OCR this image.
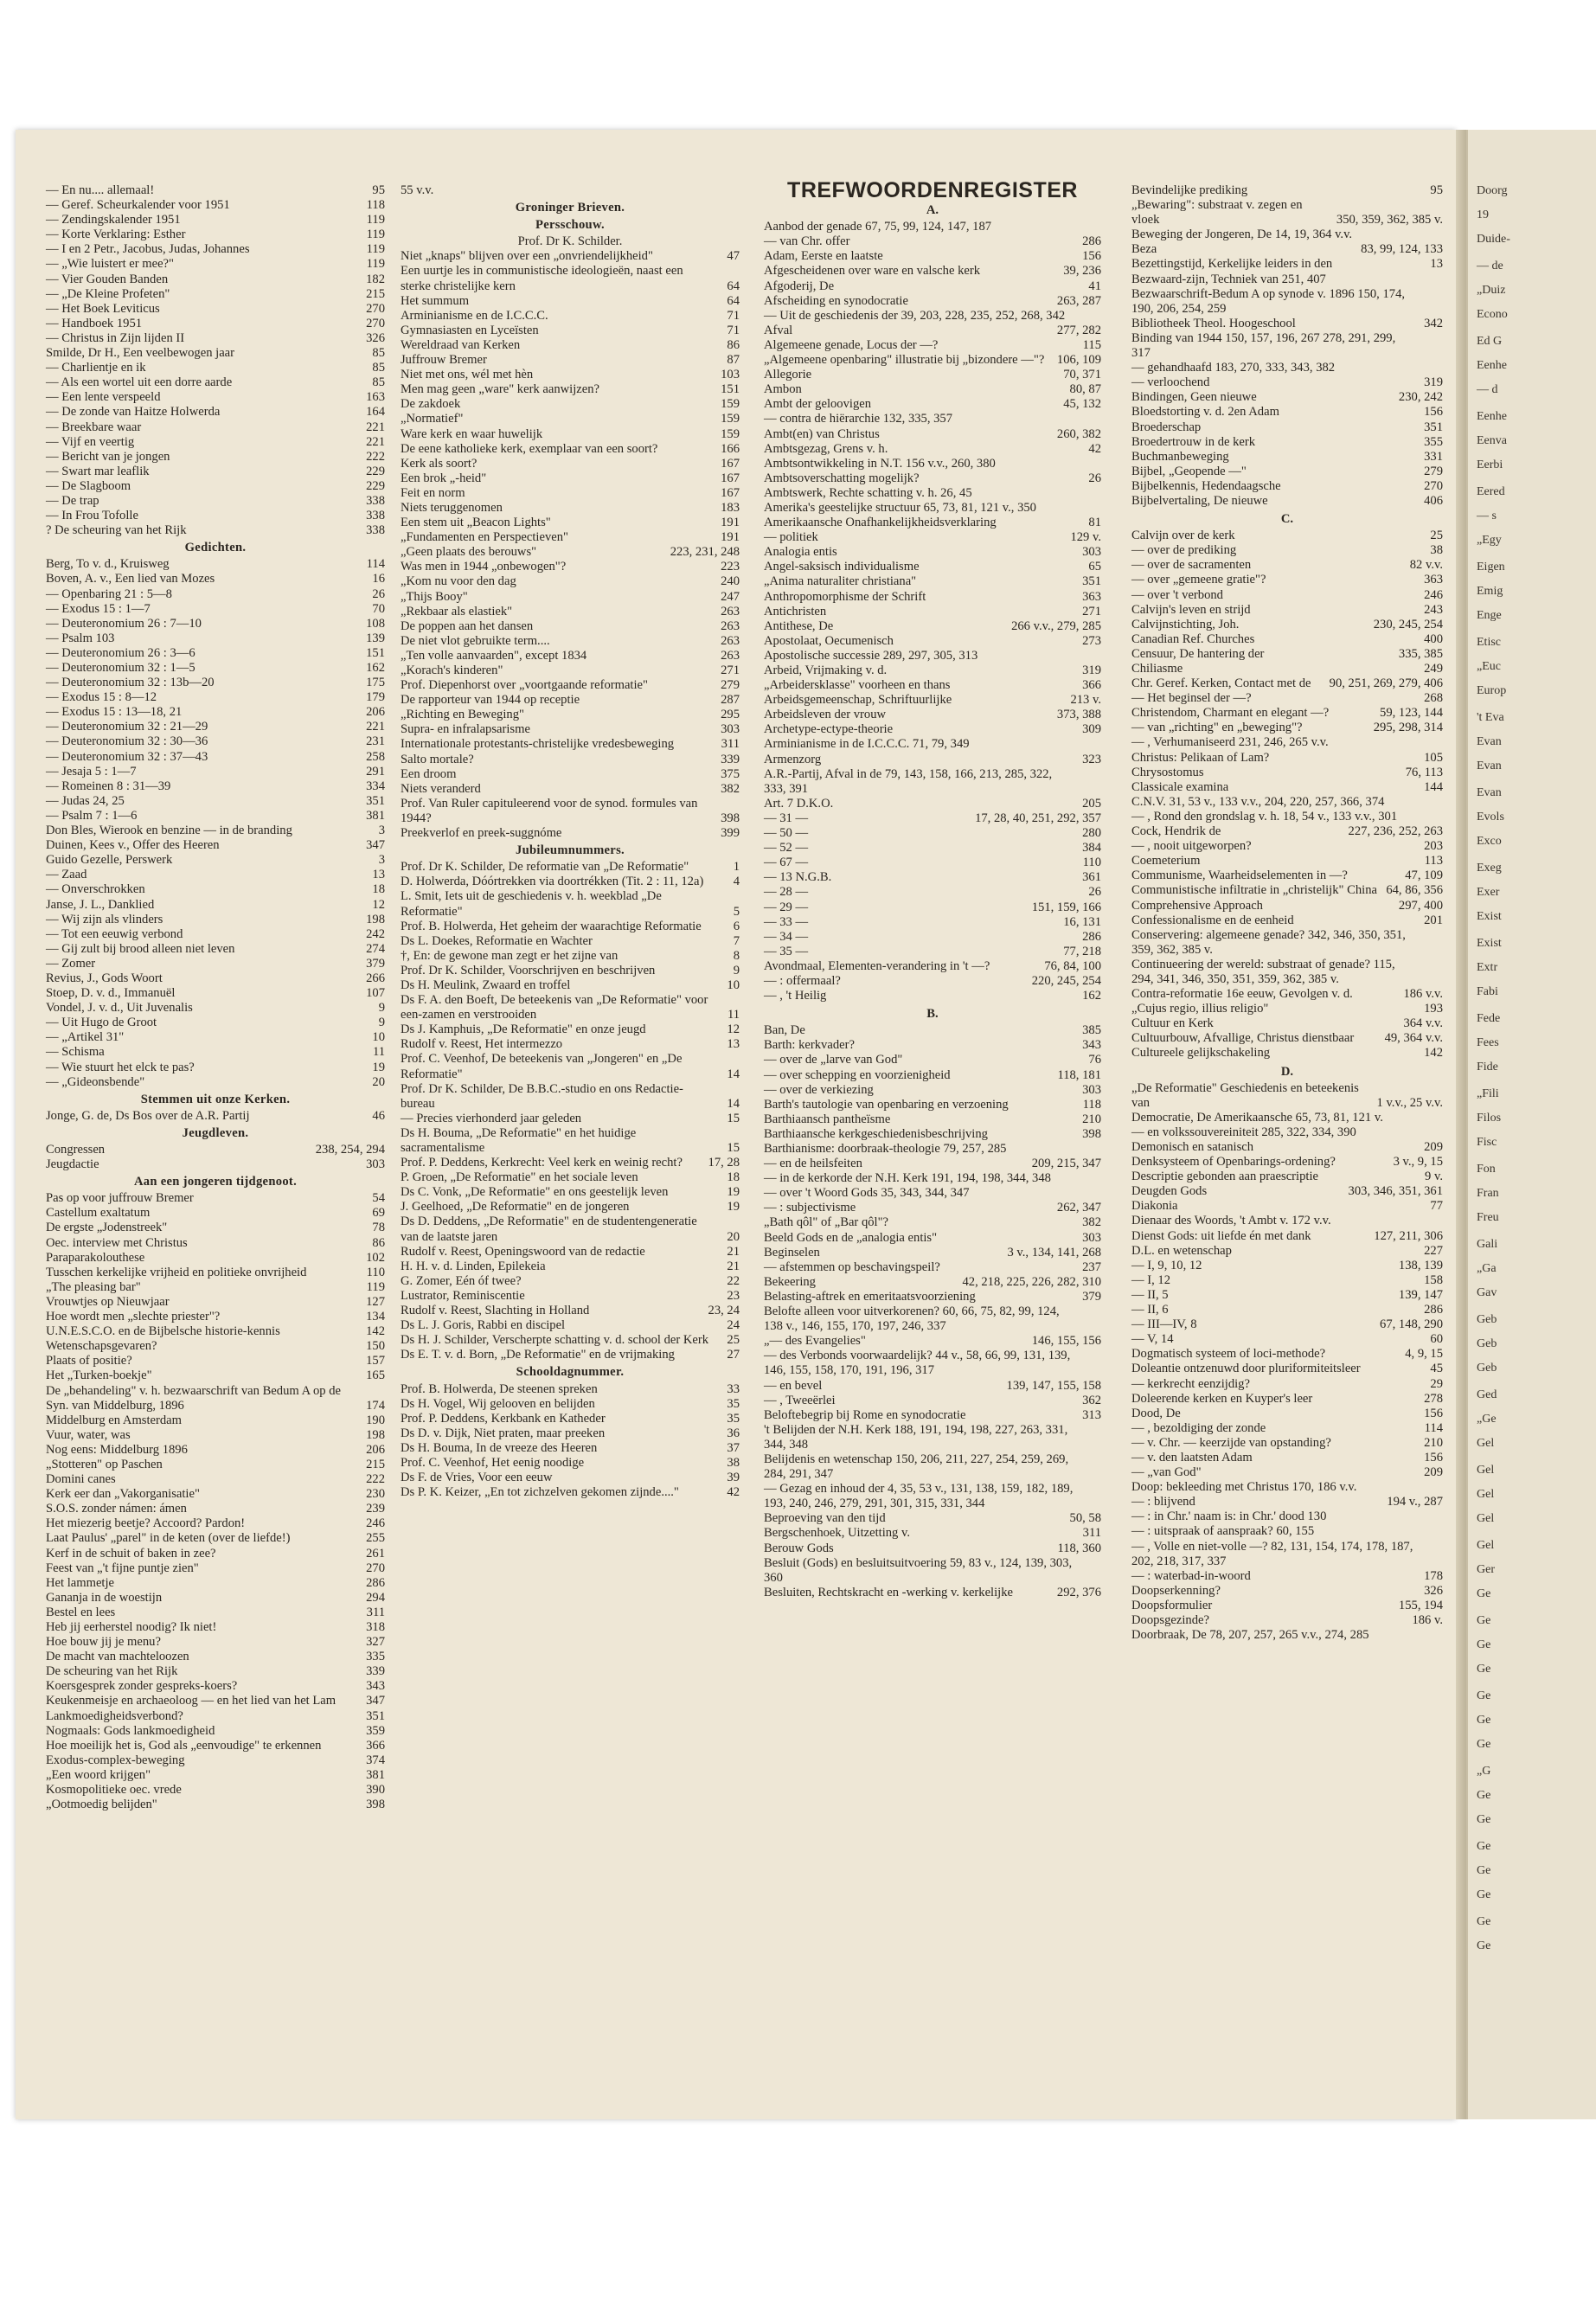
— En nu.... allemaal!	95
— Geref. Scheurkalender voor 1951	118
— Zendingskalender 1951	119
— Korte Verklaring: Esther	119
— I en 2 Petr., Jacobus, Judas, Johannes	119
— „Wie luistert er mee?"	119
— Vier Gouden Banden	182
— „De Kleine Profeten"	215
— Het Boek Leviticus	270
— Handboek 1951	270
— Christus in Zijn lijden II	326
Smilde, Dr H., Een veelbewogen jaar	85
— Charlientje en ik	85
— Als een wortel uit een dorre aarde	85
— Een lente verspeeld	163
— De zonde van Haitze Holwerda	164
— Breekbare waar	221
— Vijf en veertig	221
— Bericht van je jongen	222
— Swart mar leaflik	229
— De Slagboom	229
— De trap	338
— In Frou Tofolle	338
? De scheuring van het Rijk	338
Gedichten.
Berg, To v. d., Kruisweg	114
Boven, A. v., Een lied van Mozes	16
— Openbaring 21 : 5—8	26
— Exodus 15 : 1—7	70
— Deuteronomium 26 : 7—10	108
— Psalm 103	139
— Deuteronomium 26 : 3—6	151
— Deuteronomium 32 : 1—5	162
— Deuteronomium 32 : 13b—20	175
— Exodus 15 : 8—12	179
— Exodus 15 : 13—18, 21	206
— Deuteronomium 32 : 21—29	221
— Deuteronomium 32 : 30—36	231
— Deuteronomium 32 : 37—43	258
— Jesaja 5 : 1—7	291
— Romeinen 8 : 31—39	334
— Judas 24, 25	351
— Psalm 7 : 1—6	381
Don Bles, Wierook en benzine — in de branding	3
Duinen, Kees v., Offer des Heeren	347
Guido Gezelle, Perswerk	3
— Zaad	13
— Onverschrokken	18
Janse, J. L., Danklied	12
— Wij zijn als vlinders	198
— Tot een eeuwig verbond	242
— Gij zult bij brood alleen niet leven	274
— Zomer	379
Revius, J., Gods Woort	266
Stoep, D. v. d., Immanuël	107
Vondel, J. v. d., Uit Juvenalis	9
— Uit Hugo de Groot	9
— „Artikel 31"	10
— Schisma	11
— Wie stuurt het elck te pas?	19
— „Gideonsbende"	20
Stemmen uit onze Kerken.
Jonge, G. de, Ds Bos over de A.R. Partij	46
Jeugdleven.
Congressen	238, 254, 294
Jeugdactie	303
Aan een jongeren tijdgenoot.
Pas op voor juffrouw Bremer	54
Castellum exaltatum	69
De ergste „Jodenstreek"	78
Oec. interview met Christus	86
Paraparakolouthese	102
Tusschen kerkelijke vrijheid en politieke onvrijheid	110
„The pleasing bar"	119
Vrouwtjes op Nieuwjaar	127
Hoe wordt men „slechte priester"?	134
U.N.E.S.C.O. en de Bijbelsche historie-kennis	142
Wetenschapsgevaren?	150
Plaats of positie?	157
Het „Turken-boekje"	165
De „behandeling" v. h. bezwaarschrift van Bedum A op de Syn. van Middelburg, 1896	174
Middelburg en Amsterdam	190
Vuur, water, was	198
Nog eens: Middelburg 1896	206
„Stotteren" op Paschen	215
Domini canes	222
Kerk eer dan „Vakorganisatie"	230
S.O.S. zonder námen: ámen	239
Het miezerig beetje? Accoord? Pardon!	246
Laat Paulus' „parel" in de keten (over de liefde!)	255
Kerf in de schuit of baken in zee?	261
Feest van „'t fijne puntje zien"	270
Het lammetje	286
Gananja in de woestijn	294
Bestel en lees	311
Heb jij eerherstel noodig? Ik niet!	318
Hoe bouw jij je menu?	327
De macht van machteloozen	335
De scheuring van het Rijk	339
Koersgesprek zonder gespreks-koers?	343
Keukenmeisje en archaeoloog — en het lied van het Lam	347
Lankmoedigheidsverbond?	351
Nogmaals: Gods lankmoedigheid	359
Hoe moeilijk het is, God als „eenvoudige" te erkennen	366
Exodus-complex-beweging	374
„Een woord krijgen"	381
Kosmopolitieke oec. vrede	390
„Ootmoedig belijden"	398
55 v.v.
Groninger Brieven.
Persschouw.
Prof. Dr K. Schilder.
Niet „knaps" blijven over een „onvriendelijkheid"	47
Een uurtje les in communistische ideologieën, naast een sterke christelijke kern	64
Het summum	64
Arminianisme en de I.C.C.C.	71
Gymnasiasten en Lyceïsten	71
Wereldraad van Kerken	86
Juffrouw Bremer	87
Niet met ons, wél met hèn	103
Men mag geen „ware" kerk aanwijzen?	151
De zakdoek	159
„Normatief"	159
Ware kerk en waar huwelijk	159
De eene katholieke kerk, exemplaar van een soort?	166
Kerk als soort?	167
Een brok „-heid"	167
Feit en norm	167
Niets teruggenomen	183
Een stem uit „Beacon Lights"	191
„Fundamenten en Perspectieven"	191
„Geen plaats des berouws"	223, 231, 248
Was men in 1944 „onbewogen"?	223
„Kom nu voor den dag	240
„Thijs Booy"	247
„Rekbaar als elastiek"	263
De poppen aan het dansen	263
De niet vlot gebruikte term....	263
„Ten volle aanvaarden", except 1834	263
„Korach's kinderen"	271
Prof. Diepenhorst over „voortgaande reformatie"	279
De rapporteur van 1944 op receptie	287
„Richting en Beweging"	295
Supra- en infralapsarisme	303
Internationale protestants-christelijke vredesbeweging	311
Salto mortale?	339
Een droom	375
Niets veranderd	382
Prof. Van Ruler capituleerend voor de synod. formules van 1944?	398
Preekverlof en preek-suggnóme	399
Jubileumnummers.
Prof. Dr K. Schilder, De reformatie van „De Reformatie"	1
D. Holwerda, Dóórtrekken via doortrékken (Tit. 2 : 11, 12a)	4
L. Smit, Iets uit de geschiedenis v. h. weekblad „De Reformatie"	5
Prof. B. Holwerda, Het geheim der waarachtige Reformatie	6
Ds L. Doekes, Reformatie en Wachter	7
†, En: de gewone man zegt er het zijne van	8
Prof. Dr K. Schilder, Voorschrijven en beschrijven	9
Ds H. Meulink, Zwaard en troffel	10
Ds F. A. den Boeft, De beteekenis van „De Reformatie" voor een-zamen en verstrooiden	11
Ds J. Kamphuis, „De Reformatie" en onze jeugd	12
Rudolf v. Reest, Het intermezzo	13
Prof. C. Veenhof, De beteekenis van „Jongeren" en „De Reformatie"	14
Prof. Dr K. Schilder, De B.B.C.-studio en ons Redactie-bureau	14
— Precies vierhonderd jaar geleden	15
Ds H. Bouma, „De Reformatie" en het huidige sacramentalisme	15
Prof. P. Deddens, Kerkrecht: Veel kerk en weinig recht?	17, 28
P. Groen, „De Reformatie" en het sociale leven	18
Ds C. Vonk, „De Reformatie" en ons geestelijk leven	19
J. Geelhoed, „De Reformatie" en de jongeren	19
Ds D. Deddens, „De Reformatie" en de studentengeneratie van de laatste jaren	20
Rudolf v. Reest, Openingswoord van de redactie	21
H. H. v. d. Linden, Epilekeia	21
G. Zomer, Eén óf twee?	22
Lustrator, Reminiscentie	23
Rudolf v. Reest, Slachting in Holland	23, 24
Ds L. J. Goris, Rabbi en discipel	24
Ds H. J. Schilder, Verscherpte schatting v. d. school der Kerk	25
Ds E. T. v. d. Born, „De Reformatie" en de vrijmaking	27
Schooldagnummer.
Prof. B. Holwerda, De steenen spreken	33
Ds H. Vogel, Wij gelooven en belijden	35
Prof. P. Deddens, Kerkbank en Katheder	35
Ds D. v. Dijk, Niet praten, maar preeken	36
Ds H. Bouma, In de vreeze des Heeren	37
Prof. C. Veenhof, Het eenig noodige	38
Ds F. de Vries, Voor een eeuw	39
Ds P. K. Keizer, „En tot zichzelven gekomen zijnde...."	42
TREFWOORDENREGISTER
A.
Aanbod der genade 67, 75, 99, 124, 147, 187
— van Chr. offer	286
Adam, Eerste en laatste	156
Afgescheidenen over ware en valsche kerk	39, 236
Afgoderij, De	41
Afscheiding en synodocratie	263, 287
— Uit de geschiedenis der 39, 203, 228, 235, 252, 268, 342
Afval	277, 282
Algemeene genade, Locus der —?	115
„Algemeene openbaring" illustratie bij „bizondere —"? 106, 109
Allegorie	70, 371
Ambon	80, 87
Ambt der geloovigen	45, 132
— contra de hiërarchie 132, 335, 357
Ambt(en) van Christus	260, 382
Ambtsgezag, Grens v. h.	42
Ambtsontwikkeling in N.T. 156 v.v., 260, 380
Ambtsoverschatting mogelijk?	26
Ambtswerk, Rechte schatting v. h. 26, 45
Amerika's geestelijke structuur 65, 73, 81, 121 v., 350
Amerikaansche Onafhankelijkheidsverklaring	81
— politiek	129 v.
Analogia entis	303
Angel-saksisch individualisme	65
„Anima naturaliter christiana"	351
Anthropomorphisme der Schrift	363
Antichristen	271
Antithese, De	266 v.v., 279, 285
Apostolaat, Oecumenisch	273
Apostolische successie 289, 297, 305, 313
Arbeid, Vrijmaking v. d.	319
„Arbeidersklasse" voorheen en thans	366
Arbeidsgemeenschap, Schriftuurlijke	213 v.
Arbeidsleven der vrouw	373, 388
Archetype-ectype-theorie	309
Arminianisme in de I.C.C.C. 71, 79, 349
Armenzorg	323
A.R.-Partij, Afval in de 79, 143, 158, 166, 213, 285, 322, 333, 391
Art. 7 D.K.O.	205
— 31 —	17, 28, 40, 251, 292, 357
— 50 —	280
— 52 —	384
— 67 —	110
— 13 N.G.B.	361
— 28 —	26
— 29 —	151, 159, 166
— 33 —	16, 131
— 34 —	286
— 35 —	77, 218
Avondmaal, Elementen-verandering in 't —?	76, 84, 100
— : offermaal?	220, 245, 254
— , 't Heilig	162
B.
Ban, De	385
Barth: kerkvader?	343
— over de „larve van God"	76
— over schepping en voorzienigheid	118, 181
— over de verkiezing	303
Barth's tautologie van openbaring en verzoening	118
Barthiaansch pantheïsme	210
Barthiaansche kerkgeschiedenisbeschrijving	398
Barthianisme: doorbraak-theologie 79, 257, 285
— en de heilsfeiten	209, 215, 347
— in de kerkorde der N.H. Kerk 191, 194, 198, 344, 348
— over 't Woord Gods 35, 343, 344, 347
— : subjectivisme	262, 347
„Bath qôl" of „Bar qôl"?	382
Beeld Gods en de „analogia entis"	303
Beginselen	3 v., 134, 141, 268
— afstemmen op beschavingspeil?	237
Bekeering	42, 218, 225, 226, 282, 310
Belasting-aftrek en emeritaatsvoorziening	379
Belofte alleen voor uitverkorenen? 60, 66, 75, 82, 99, 124, 138 v., 146, 155, 170, 197, 246, 337
„— des Evangelies"	146, 155, 156
— des Verbonds voorwaardelijk? 44 v., 58, 66, 99, 131, 139, 146, 155, 158, 170, 191, 196, 317
— en bevel	139, 147, 155, 158
— , Tweeërlei	362
Beloftebegrip bij Rome en synodocratie	313
't Belijden der N.H. Kerk 188, 191, 194, 198, 227, 263, 331, 344, 348
Belijdenis en wetenschap 150, 206, 211, 227, 254, 259, 269, 284, 291, 347
— Gezag en inhoud der 4, 35, 53 v., 131, 138, 159, 182, 189, 193, 240, 246, 279, 291, 301, 315, 331, 344
Beproeving van den tijd	50, 58
Bergschenhoek, Uitzetting v.	311
Berouw Gods	118, 360
Besluit (Gods) en besluitsuitvoering 59, 83 v., 124, 139, 303, 360
Besluiten, Rechtskracht en -werking v. kerkelijke	292, 376
Bevindelijke prediking	95
„Bewaring": substraat v. zegen en vloek	350, 359, 362, 385 v.
Beweging der Jongeren, De 14, 19, 364 v.v.
Beza	83, 99, 124, 133
Bezettingstijd, Kerkelijke leiders in den	13
Bezwaard-zijn, Techniek van 251, 407
Bezwaarschrift-Bedum A op synode v. 1896 150, 174, 190, 206, 254, 259
Bibliotheek Theol. Hoogeschool	342
Binding van 1944 150, 157, 196, 267 278, 291, 299, 317
— gehandhaafd 183, 270, 333, 343, 382
— verloochend	319
Bindingen, Geen nieuwe	230, 242
Bloedstorting v. d. 2en Adam	156
Broederschap	351
Broedertrouw in de kerk	355
Buchmanbeweging	331
Bijbel, „Geopende —"	279
Bijbelkennis, Hedendaagsche	270
Bijbelvertaling, De nieuwe	406
C.
Calvijn over de kerk	25
— over de prediking	38
— over de sacramenten	82 v.v.
— over „gemeene gratie"?	363
— over 't verbond	246
Calvijn's leven en strijd	243
Calvijnstichting, Joh.	230, 245, 254
Canadian Ref. Churches	400
Censuur, De hantering der	335, 385
Chiliasme	249
Chr. Geref. Kerken, Contact met de	90, 251, 269, 279, 406
— Het beginsel der —?	268
Christendom, Charmant en elegant —?	59, 123, 144
— van „richting" en „beweging"?	295, 298, 314
— , Verhumaniseerd 231, 246, 265 v.v.
Christus: Pelikaan of Lam?	105
Chrysostomus	76, 113
Classicale examina	144
C.N.V. 31, 53 v., 133 v.v., 204, 220, 257, 366, 374
— , Rond den grondslag v. h. 18, 54 v., 133 v.v., 301
Cock, Hendrik de	227, 236, 252, 263
— , nooit uitgeworpen?	203
Coemeterium	113
Communisme, Waarheidselementen in —?	47, 109
Communistische infiltratie in „christelijk" China 64, 86, 356
Comprehensive Approach	297, 400
Confessionalisme en de eenheid	201
Conservering: algemeene genade? 342, 346, 350, 351, 359, 362, 385 v.
Continueering der wereld: substraat of genade? 115, 294, 341, 346, 350, 351, 359, 362, 385 v.
Contra-reformatie 16e eeuw, Gevolgen v. d.	186 v.v.
„Cujus regio, illius religio"	193
Cultuur en Kerk	364 v.v.
Cultuurbouw, Afvallige, Christus dienstbaar	49, 364 v.v.
Cultureele gelijkschakeling	142
D.
„De Reformatie" Geschiedenis en beteekenis van	1 v.v., 25 v.v.
Democratie, De Amerikaansche 65, 73, 81, 121 v.
— en volkssouvereiniteit 285, 322, 334, 390
Demonisch en satanisch	209
Denksysteem of Openbarings-ordening?	3 v., 9, 15
Descriptie gebonden aan praescriptie	9 v.
Deugden Gods	303, 346, 351, 361
Diakonia	77
Dienaar des Woords, 't Ambt v. 172 v.v.
Dienst Gods: uit liefde én met dank	127, 211, 306
D.L. en wetenschap	227
— I, 9, 10, 12	138, 139
— I, 12	158
— II, 5	139, 147
— II, 6	286
— III—IV, 8	67, 148, 290
— V, 14	60
Dogmatisch systeem of loci-methode?	4, 9, 15
Doleantie ontzenuwd door pluriformiteitsleer	45
— kerkrecht eenzijdig?	29
Doleerende kerken en Kuyper's leer	278
Dood, De	156
— , bezoldiging der zonde	114
— v. Chr. — keerzijde van opstanding?	210
— v. den laatsten Adam	156
— „van God"	209
Doop: bekleeding met Christus 170, 186 v.v.
— : blijvend	194 v., 287
— : in Chr.' naam is: in Chr.' dood 130
— : uitspraak of aanspraak? 60, 155
— , Volle en niet-volle —? 82, 131, 154, 174, 178, 187, 202, 218, 317, 337
— : waterbad-in-woord	178
Doopserkenning?	326
Doopsformulier	155, 194
Doopsgezinde?	186 v.
Doorbraak, De 78, 207, 257, 265 v.v., 274, 285
Doorg
19
Duide-
— de
„Duiz
Econo
Ed G
Eenhe
— d
Eenhe
Eenva
Eerbi
Eered
— s
„Egy
Eigen
Emig
Enge
Etisc
„Euc
Europ
't Eva
Evan
Evan
Evan
Evols
Exco
Exeg
Exer
Exist
Exist
Extr
Fabi
Fede
Fees
Fide
„Fili
Filos
Fisc
Fon
Fran
Freu
Gali
„Ga
Gav
Geb
Geb
Geb
Ged
„Ge
Gel
Gel
Gel
Gel
Gel
Ger
Ge
Ge
Ge
Ge
Ge
Ge
Ge
„G
Ge
Ge
Ge
Ge
Ge
Ge
Ge
